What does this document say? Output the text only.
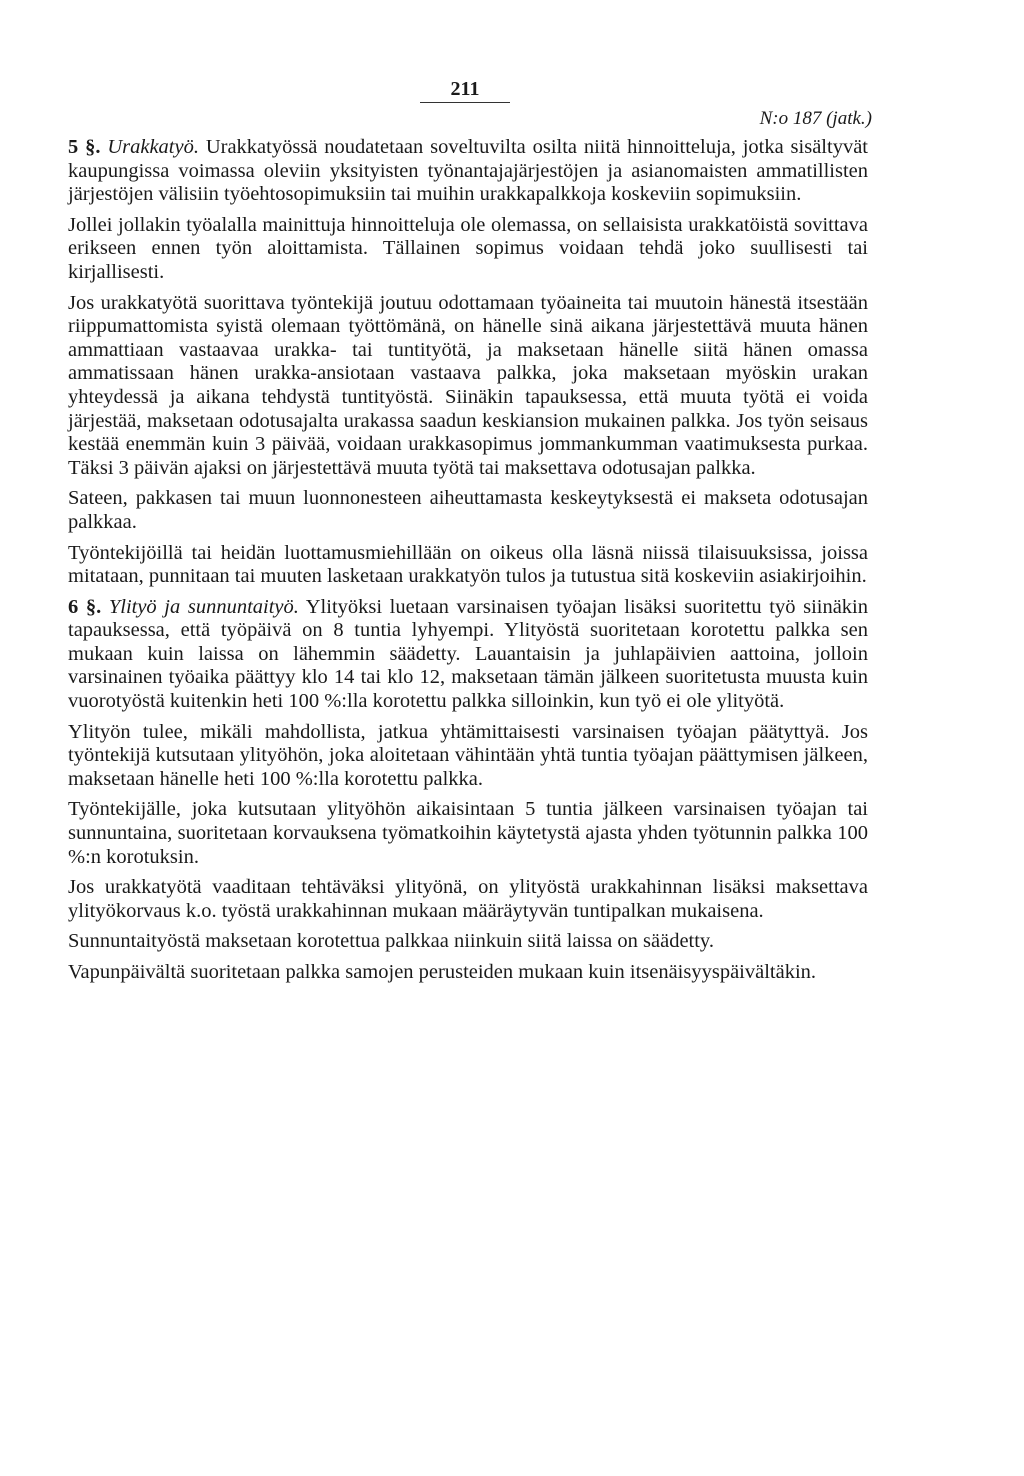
211
N:o 187 (jatk.)

5 §. Urakkatyö. Urakkatyössä noudatetaan soveltuvilta osilta niitä hinnoitteluja, jotka sisältyvät kaupungissa voimassa oleviin yksityisten työnantajajärjestöjen ja asianomaisten ammatillisten järjestöjen välisiin työehtosopimuksiin tai muihin urakkapalkkoja koskeviin sopimuksiin.

Jollei jollakin työalalla mainittuja hinnoitteluja ole olemassa, on sellaisista urakkatöistä sovittava erikseen ennen työn aloittamista. Tällainen sopimus voidaan tehdä joko suullisesti tai kirjallisesti.

Jos urakkatyötä suorittava työntekijä joutuu odottamaan työaineita tai muutoin hänestä itsestään riippumattomista syistä olemaan työttömänä, on hänelle sinä aikana järjestettävä muuta hänen ammattiaan vastaavaa urakka- tai tuntityötä, ja maksetaan hänelle siitä hänen omassa ammatissaan hänen urakka-ansiotaan vastaava palkka, joka maksetaan myöskin urakan yhteydessä ja aikana tehdystä tuntityöstä. Siinäkin tapauksessa, että muuta työtä ei voida järjestää, maksetaan odotusajalta urakassa saadun keskiansion mukainen palkka. Jos työn seisaus kestää enemmän kuin 3 päivää, voidaan urakkasopimus jommankumman vaatimuksesta purkaa. Täksi 3 päivän ajaksi on järjestettävä muuta työtä tai maksettava odotusajan palkka.

Sateen, pakkasen tai muun luonnonesteen aiheuttamasta keskeytyksestä ei makseta odotusajan palkkaa.

Työntekijöillä tai heidän luottamusmiehillään on oikeus olla läsnä niissä tilaisuuksissa, joissa mitataan, punnitaan tai muuten lasketaan urakkatyön tulos ja tutustua sitä koskeviin asiakirjoihin.

6 §. Ylityö ja sunnuntaityö. Ylityöksi luetaan varsinaisen työajan lisäksi suoritettu työ siinäkin tapauksessa, että työpäivä on 8 tuntia lyhyempi. Ylityöstä suoritetaan korotettu palkka sen mukaan kuin laissa on lähemmin säädetty. Lauantaisin ja juhlapäivien aattoina, jolloin varsinainen työaika päättyy klo 14 tai klo 12, maksetaan tämän jälkeen suoritetusta muusta kuin vuorotyöstä kuitenkin heti 100 %:lla korotettu palkka silloinkin, kun työ ei ole ylityötä.

Ylityön tulee, mikäli mahdollista, jatkua yhtämittaisesti varsinaisen työajan päätyttyä. Jos työntekijä kutsutaan ylityöhön, joka aloitetaan vähintään yhtä tuntia työajan päättymisen jälkeen, maksetaan hänelle heti 100 %:lla korotettu palkka.

Työntekijälle, joka kutsutaan ylityöhön aikaisintaan 5 tuntia jälkeen varsinaisen työajan tai sunnuntaina, suoritetaan korvauksena työmatkoihin käytetystä ajasta yhden työtunnin palkka 100 %:n korotuksin.

Jos urakkatyötä vaaditaan tehtäväksi ylityönä, on ylityöstä urakkahinnan lisäksi maksettava ylityökorvaus k.o. työstä urakkahinnan mukaan määräytyvän tuntipalkan mukaisena.

Sunnuntaityöstä maksetaan korotettua palkkaa niinkuin siitä laissa on säädetty.

Vapunpäivältä suoritetaan palkka samojen perusteiden mukaan kuin itsenäisyyspäivältäkin.
